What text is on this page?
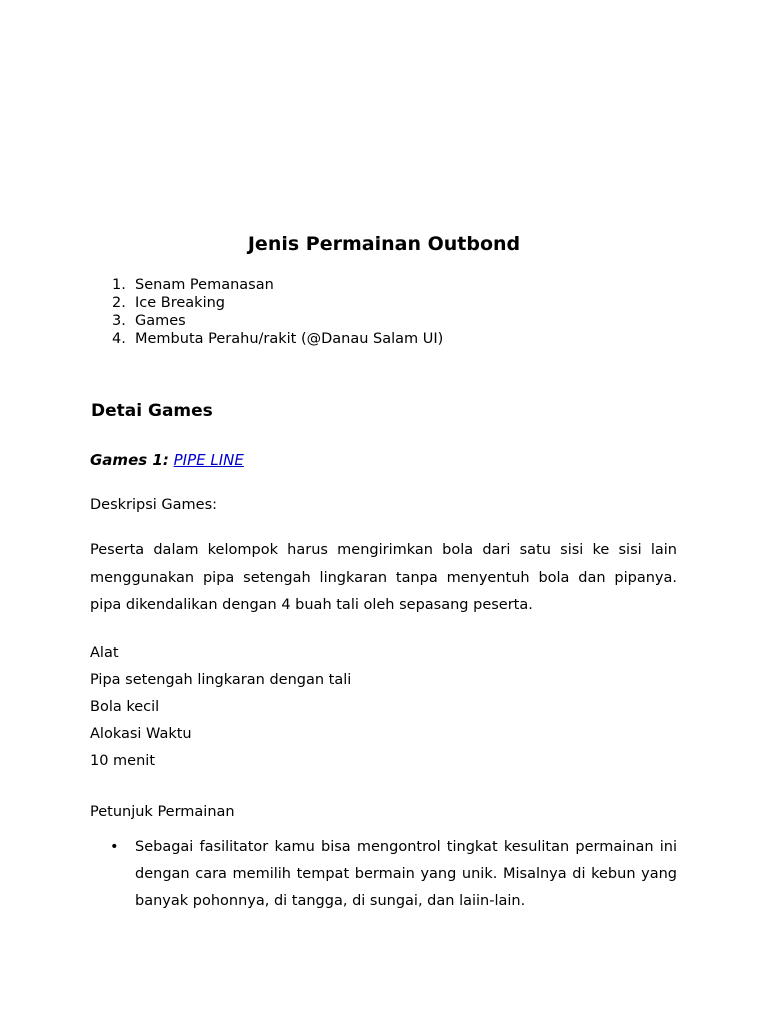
Jenis Permainan Outbond
1. Senam Pemanasan
2. Ice Breaking
3. Games
4. Membuta Perahu/rakit (@Danau Salam UI)
Detai Games
Games 1: PIPE LINE

Deskripsi Games:

Peserta dalam kelompok harus mengirimkan bola dari satu sisi ke sisi lain menggunakan pipa setengah lingkaran tanpa menyentuh bola dan pipanya. pipa dikendalikan dengan 4 buah tali oleh sepasang peserta.

Alat
Pipa setengah lingkaran dengan tali
Bola kecil
Alokasi Waktu
10 menit
Petunjuk Permainan
•	Sebagai fasilitator kamu bisa mengontrol tingkat kesulitan permainan ini dengan cara memilih tempat bermain yang unik. Misalnya di kebun yang banyak pohonnya, di tangga, di sungai, dan laiin-lain.
